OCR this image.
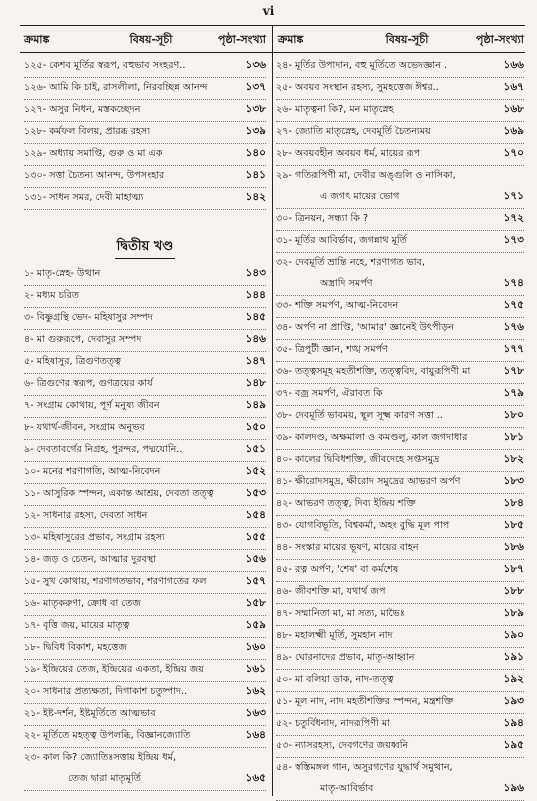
vi
ক্রমাঙ্ক	বিষয়-সূচী	পৃষ্ঠা-সংখ্যা ক্রমাঙ্ক	বিষয়-সূচী	পৃষ্ঠা-সংখ্যা
১২৫- কেশব মূর্তির স্বরূপ, বহুভাব সংহরণ..	১৩৬
১২৬- আমি কি চাই, রাসলীলা, নিরবচ্ছিন্ন আনন্দ	১৩৭
১২৭- অসুর নিধন, মস্তকচ্ছেদন	১৩৮
১২৮- কর্মফল বিলয়, প্রারব্ধ রহস্য	১৩৯
১২৯- অধ্যায় সমাপ্তি, গুরু ও মা এক	১৪০
১৩০- সত্তা চৈতন্য আনন্দ, উপসংহার	১৪১
১৩১- সাধন সমর, দেবী মাহাত্ম্য	১৪২
দ্বিতীয় খণ্ড
১- মাতৃ-স্নেহ- উত্থান	১৪৩
২- মধ্যম চরিত	১৪৪
৩- বিষ্ণুগ্রন্থি ভেদ- মহিষাসুর সম্পদ	১৪৫
৪- মা গুরুরূপে, দেবাসুর সম্পদ	১৪৬
৫- মহিষাসুর, ত্রিগুণতত্ত্ব	১৪৭
৬- ত্রিগুণের স্বরূপ, গুণত্রয়ের কার্য	১৪৮
৭- সংগ্রাম কোথায়, পূর্ণ মনুষ্য জীবন	১৪৯
৮- যথার্থ-জীবন, সংগ্রাম অনুভব	১৫০
৯- দেবতাবর্গের নিগ্রহ, পুরন্দর, পদ্মযোনি..	১৫১
১০- মনের শরণাগতি, আত্ম-নিবেদন	১৫২
১১- আসুরিক স্পন্দন, একান্ত আশ্রয়, দেবতা তত্ত্ব	১৫৩
১২- সাধনার রহস্য, দেবতা সাধন	১৫৪
১৩- মহিষাসুরের প্রভাব, সংগ্রাম রহস্য	১৫৫
১৪- জড় ও চেতন, আত্মার দুরবস্থা	১৫৬
১৫- সুখ কোথায়, শরণাগতভাব, শরণাগতের ফল	১৫৭
১৬- মাতৃকরুণা, ক্রোধ বা তেজ	১৫৮
১৭- বৃত্তি জয়, মায়ের মাতৃত্ব	১৫৯
১৮- দ্বিবিধ বিকাশ, মহত্তেজ	১৬০
১৯- ইন্দ্রিয়ের তেজ, ইন্দ্রিয়ের একতা, ইন্দ্রিয় জয়	১৬১
২০- সাধনার প্রত্যক্ষতা, দিগাকাশ চতুষ্পাদ..	১৬২
২১- ইষ্ট-দর্শন, ইষ্টমূর্তিতে আত্মভাব	১৬৩
২২- মূর্তিতে মহত্ত্ব উপলব্ধি, বিজ্ঞানজ্যোতি	১৬৪
২৩- কাল কি? জ্যোতিঃসত্তায় ইন্দ্রিয় ধর্ম,
তেজ দ্বারা মাতৃমূর্তি	১৬৫
২৪- মূর্তির উপাদান, বহু মূর্তিতে অভেদজ্ঞান .	১৬৬
২৫- অবয়ব সংস্থান রহস্য, সুমহত্তেজ ঈশ্বর..	১৬৭
২৬- মাতৃত্বনা কি?, মন মাতৃস্নেহ	১৬৮
২৭- জ্যোতি মাতৃস্নেহ, দেবমূর্তি চৈতন্যময়	১৬৯
২৮- অবয়বহীন অবয়ব ধর্ম, মায়ের রূপ	১৭০
২৯- গতিরূপিণী মা, দেবীর অঙ্গুলি ও নাসিকা,
এ জগৎ মায়ের ভোগ	১৭১
৩০- ত্রিনয়ন, সন্ধ্যা কি ?	১৭২
৩১- মূর্তির আবির্ভাব, জগন্নাথ মূর্তি	১৭৩
৩২- দেবমূর্তি ভ্রান্তি নহে, শরণাগত ভাব,
অস্ত্রাদি সমর্পণ	১৭৪
৩৩- শক্তি সমর্পণ, আত্ম-নিবেদন	১৭৫
৩৪- অর্পণ না প্রাপ্তি, 'আমার' জ্ঞানেই উৎপীড়ন	১৭৬
৩৫- ত্রিপুটী জ্ঞান, শঙ্খ সমর্পণ	১৭৭
৩৬- তত্ত্বসমূহ মহতীশক্তি, তত্ত্ববিদ, বায়ুরূপিণী মা	১৭৮
৩৭- বজ্র সমর্পণ, ঐরাবত কি	১৭৯
৩৮- দেবমূর্তি ভাবময়, স্থূল সূক্ষ্ম কারণ সত্তা ..	১৮০
৩৯- কালদণ্ড, অক্ষমালা ও কমণ্ডলু, কাল জগদাধার	১৮১
৪০- কালের দ্বিবিধশক্তি, জীবদেহে সপ্তসমুদ্র	১৮২
৪১- ক্ষীরোদসমুদ্র, ক্ষীরোদ সমুদ্রের আভরণ অর্পণ	১৮৩
৪২- আভরণ তত্ত্ব, দিব্য ইন্দ্রিয় শক্তি	১৮৪
৪৩- যোগবিভূতি, বিশ্বকর্মা, অহং বুদ্ধি মূল পাপ	১৮৫
৪৪- সংস্কার মায়ের ভূষণ, মায়ের বাহন	১৮৬
৪৫- রত্ন অর্পণ, 'শেষ' বা কর্মশেষ	১৮৭
৪৬- জীবশক্তি মা, যথার্থ জপ	১৮৮
৪৭- সম্মানিতা মা, মা সত্য, মাভৈঃ	১৮৯
৪৮- মহালক্ষ্মী মূর্তি, সুমহান নাদ	১৯০
৪৯- ঘোরনাদের প্রভাব, মাতৃ-আহ্বান	১৯১
৫০- মা বলিয়া ডাক, নাদ-তত্ত্ব	১৯২
৫১- মূল নাদ, নাদ মহতীশক্তির স্পন্দন, মন্ত্রশক্তি	১৯৩
৫২- চতুর্বিধনাদ, নাদরূপিণী মা	১৯৪
৫৩- ন্যাসরহস্য, দেবগণের জয়ধ্বনি	১৯৫
৫৪- স্বস্তিমঙ্গল গান, অসুরগণের যুদ্ধার্থ সমুত্থান,
মাতৃ-আবির্ভাব	১৯৬
